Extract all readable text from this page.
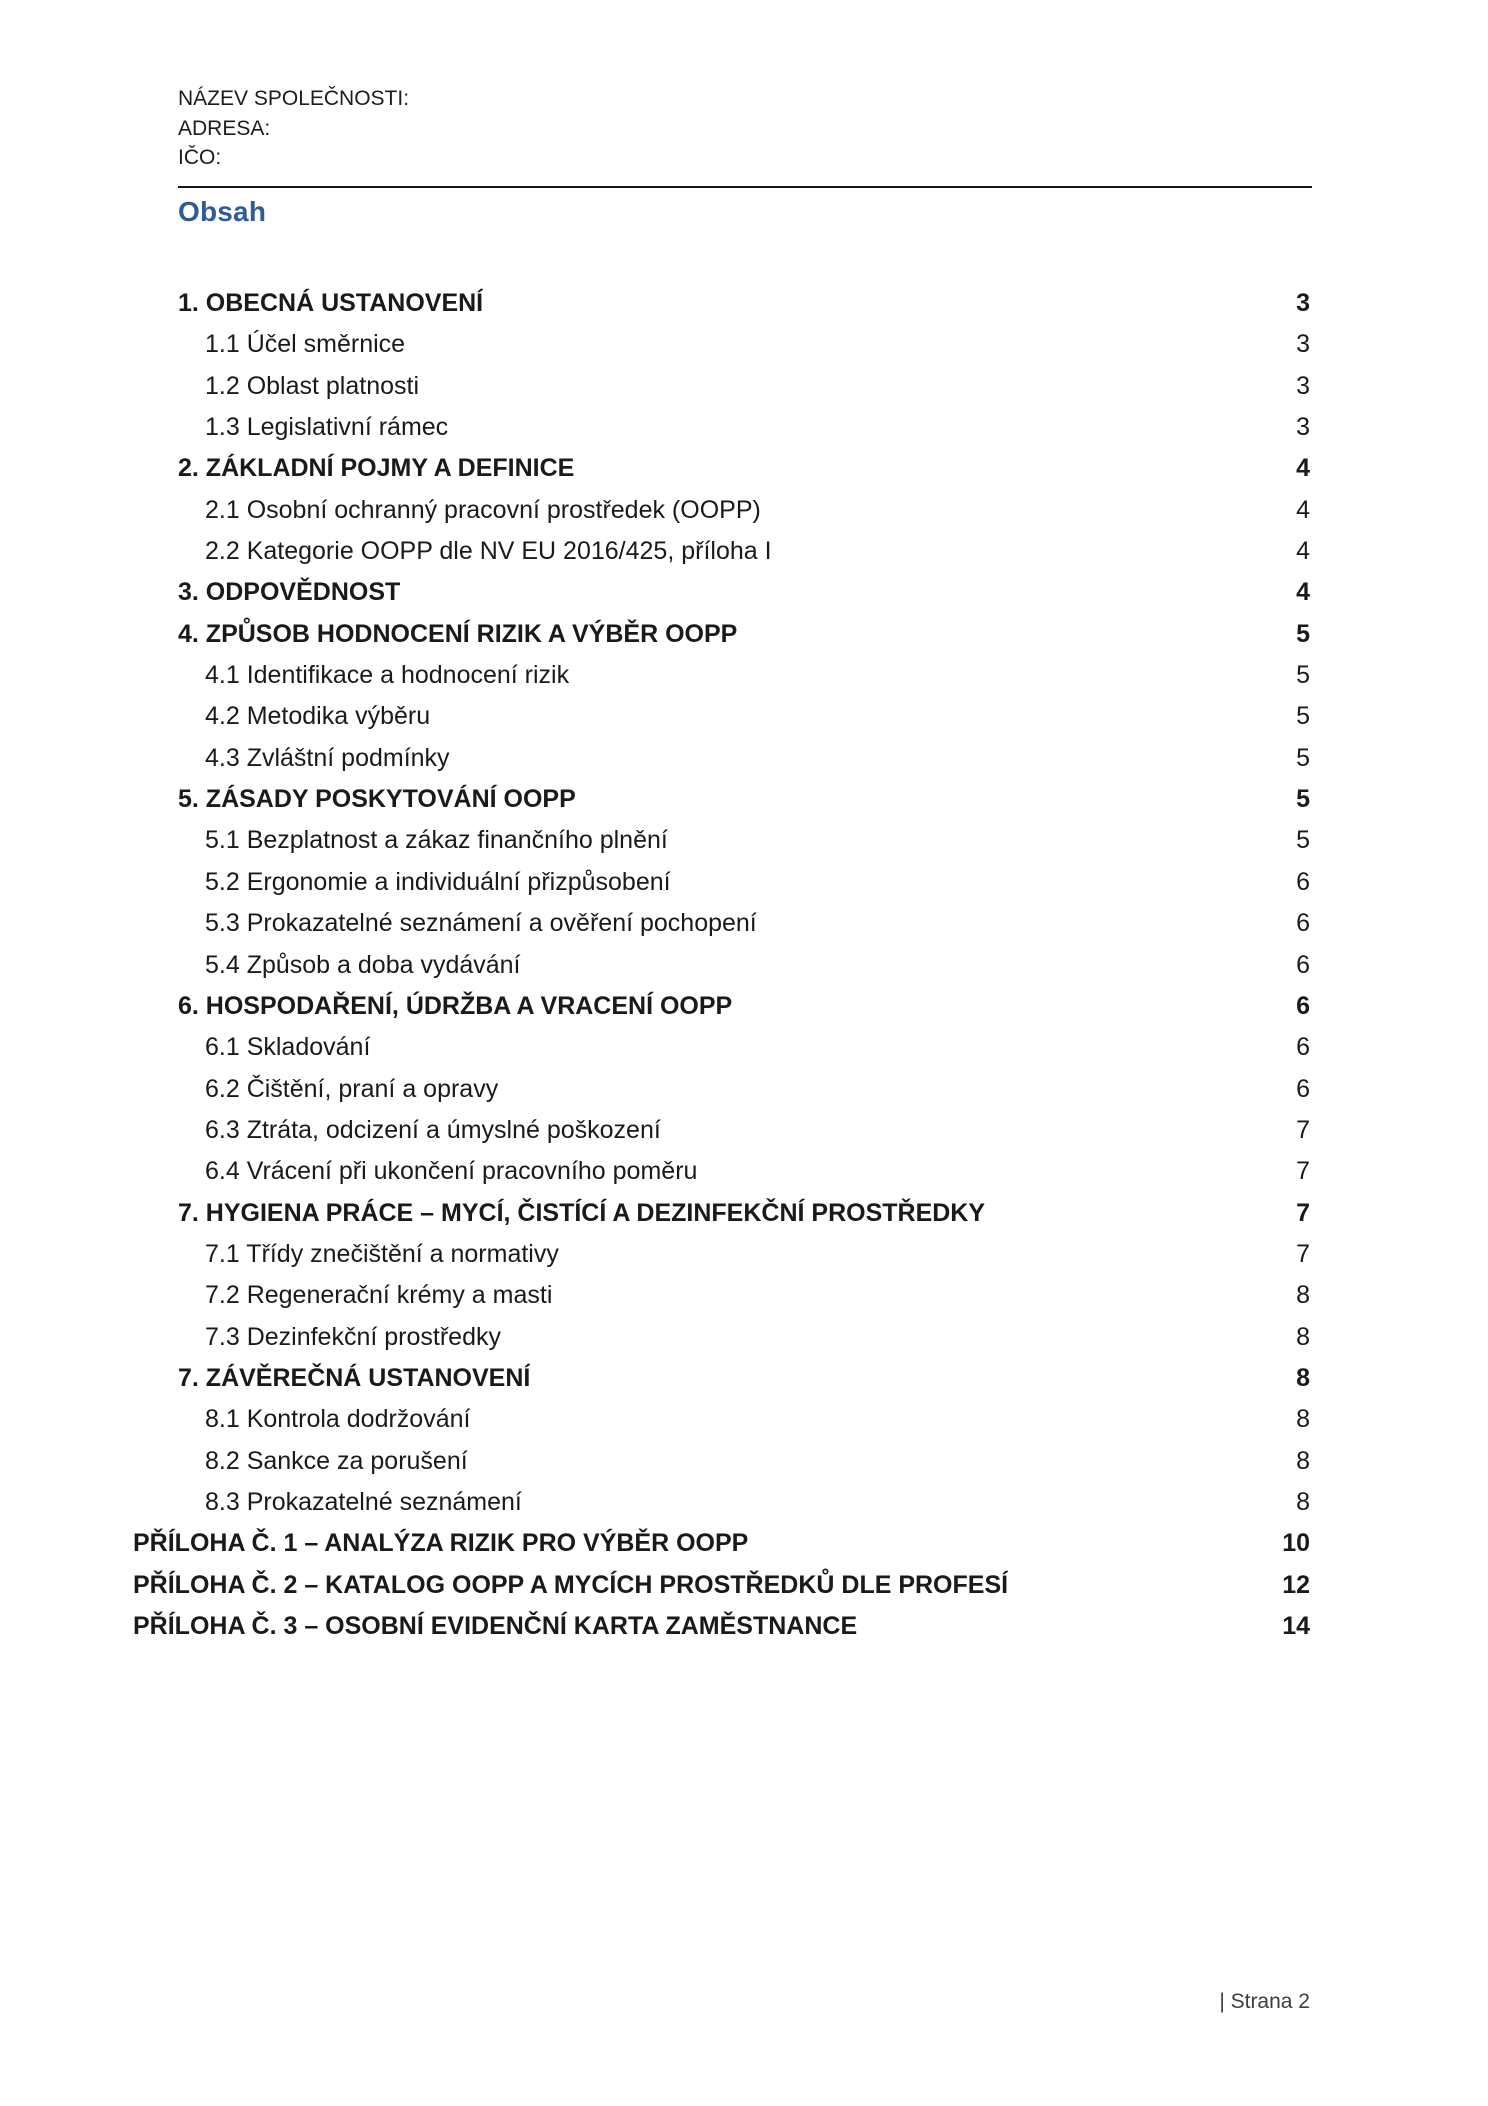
NÁZEV SPOLEČNOSTI:
ADRESA:
IČO:
Obsah
1. OBECNÁ USTANOVENÍ	3
1.1 Účel směrnice	3
1.2 Oblast platnosti	3
1.3 Legislativní rámec	3
2. ZÁKLADNÍ POJMY A DEFINICE	4
2.1 Osobní ochranný pracovní prostředek (OOPP)	4
2.2 Kategorie OOPP dle NV EU 2016/425, příloha I	4
3. ODPOVĚDNOST	4
4. ZPŮSOB HODNOCENÍ RIZIK A VÝBĚR OOPP	5
4.1 Identifikace a hodnocení rizik	5
4.2 Metodika výběru	5
4.3 Zvláštní podmínky	5
5. ZÁSADY POSKYTOVÁNÍ OOPP	5
5.1 Bezplatnost a zákaz finančního plnění	5
5.2 Ergonomie a individuální přizpůsobení	6
5.3 Prokazatelné seznámení a ověření pochopení	6
5.4 Způsob a doba vydávání	6
6. HOSPODAŘENÍ, ÚDRŽBA A VRACENÍ OOPP	6
6.1 Skladování	6
6.2 Čištění, praní a opravy	6
6.3 Ztráta, odcizení a úmyslné poškození	7
6.4 Vrácení při ukončení pracovního poměru	7
7. HYGIENA PRÁCE – MYCÍ, ČISTÍCÍ A DEZINFEKČNÍ PROSTŘEDKY	7
7.1 Třídy znečištění a normativy	7
7.2 Regenerační krémy a masti	8
7.3 Dezinfekční prostředky	8
7. ZÁVĚREČNÁ USTANOVENÍ	8
8.1 Kontrola dodržování	8
8.2 Sankce za porušení	8
8.3 Prokazatelné seznámení	8
PŘÍLOHA Č. 1 – ANALÝZA RIZIK PRO VÝBĚR OOPP	10
PŘÍLOHA Č. 2 – KATALOG OOPP A MYCÍCH PROSTŘEDKŮ DLE PROFESÍ	12
PŘÍLOHA Č. 3 – OSOBNÍ EVIDENČNÍ KARTA ZAMĚSTNANCE	14
| Strana 2
